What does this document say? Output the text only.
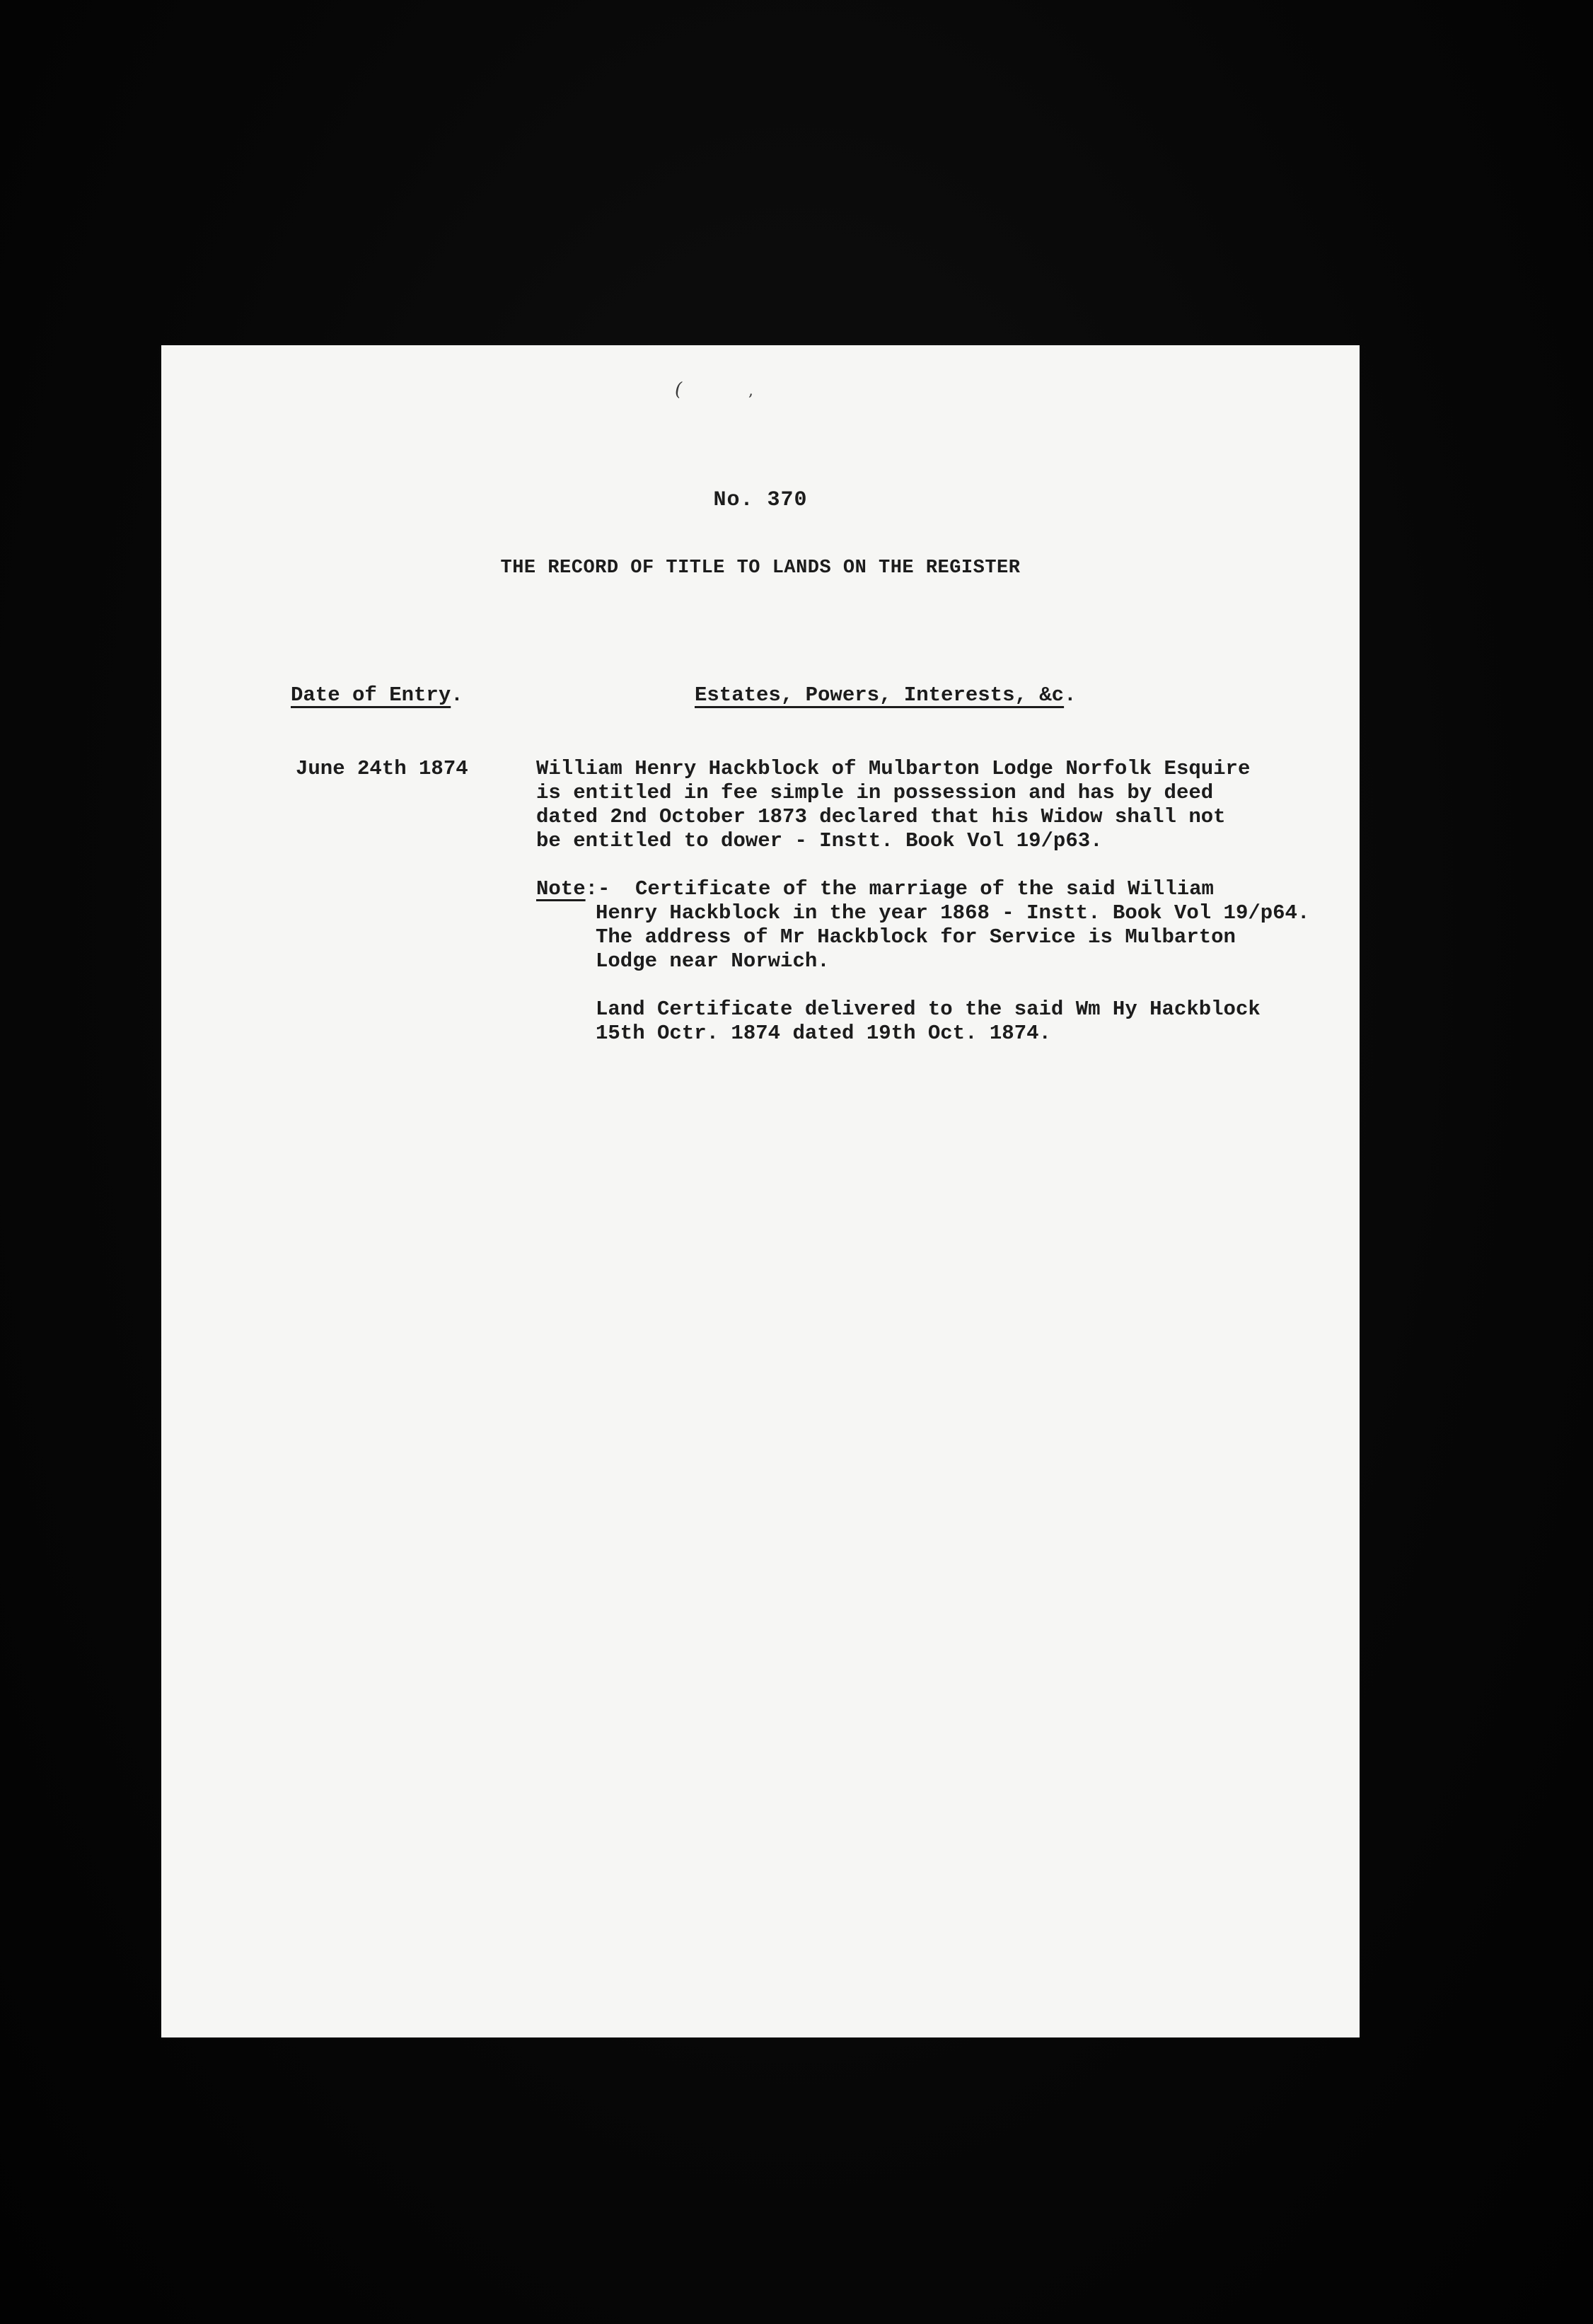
(	,
No. 370
THE RECORD OF TITLE TO LANDS ON THE REGISTER
Date of Entry.	Estates, Powers, Interests, &c.
June 24th 1874	William Henry Hackblock of Mulbarton Lodge Norfolk Esquire
is entitled in fee simple in possession and has by deed
dated 2nd October 1873 declared that his Widow shall not
be entitled to dower - Instt. Book Vol 19/p63.
Note:-	Certificate of the marriage of the said William
Henry Hackblock in the year 1868 - Instt. Book Vol 19/p64.
The address of Mr Hackblock for Service is Mulbarton
Lodge near Norwich.
Land Certificate delivered to the said Wm Hy Hackblock
15th Octr. 1874 dated 19th Oct. 1874.
